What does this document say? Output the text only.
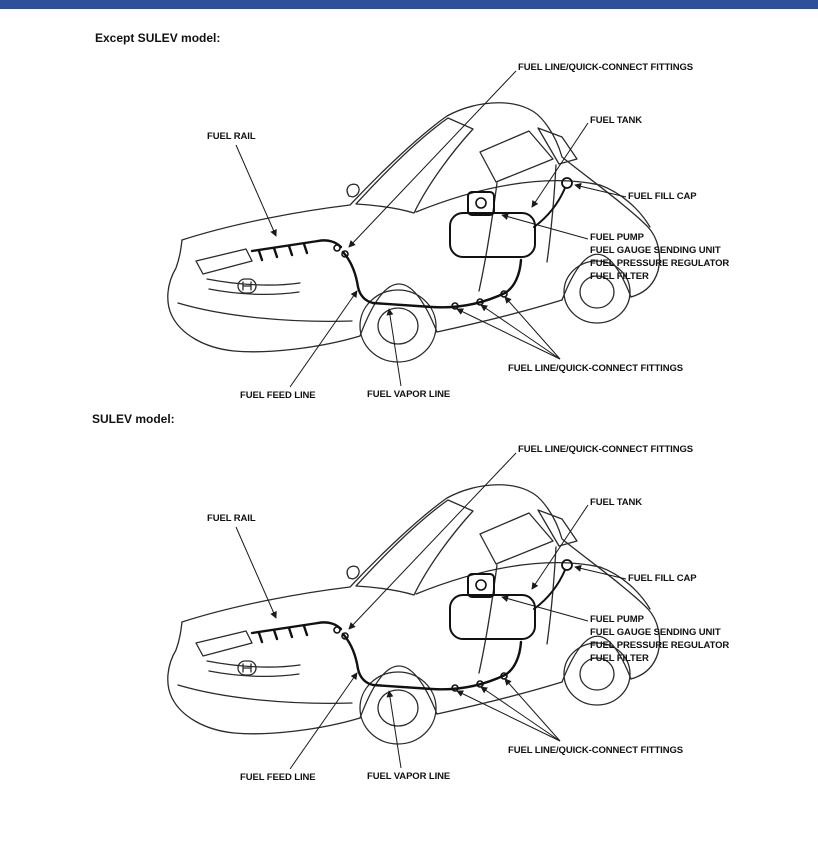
Except SULEV model:
FUEL LINE/QUICK-CONNECT FITTINGS
FUEL TANK
FUEL RAIL
FUEL FILL CAP
FUEL PUMP
FUEL GAUGE SENDING UNIT
FUEL PRESSURE REGULATOR
FUEL FILTER
FUEL LINE/QUICK-CONNECT FITTINGS
FUEL FEED LINE	FUEL VAPOR LINE
SULEV model:
FUEL LINE/QUICK-CONNECT FITTINGS
FUEL TANK
FUEL RAIL
FUEL FILL CAP
FUEL PUMP
FUEL GAUGE SENDING UNIT
FUEL PRESSURE REGULATOR
FUEL FILTER
FUEL LINE/QUICK-CONNECT FITTINGS
FUEL FEED LINE	FUEL VAPOR LINE
